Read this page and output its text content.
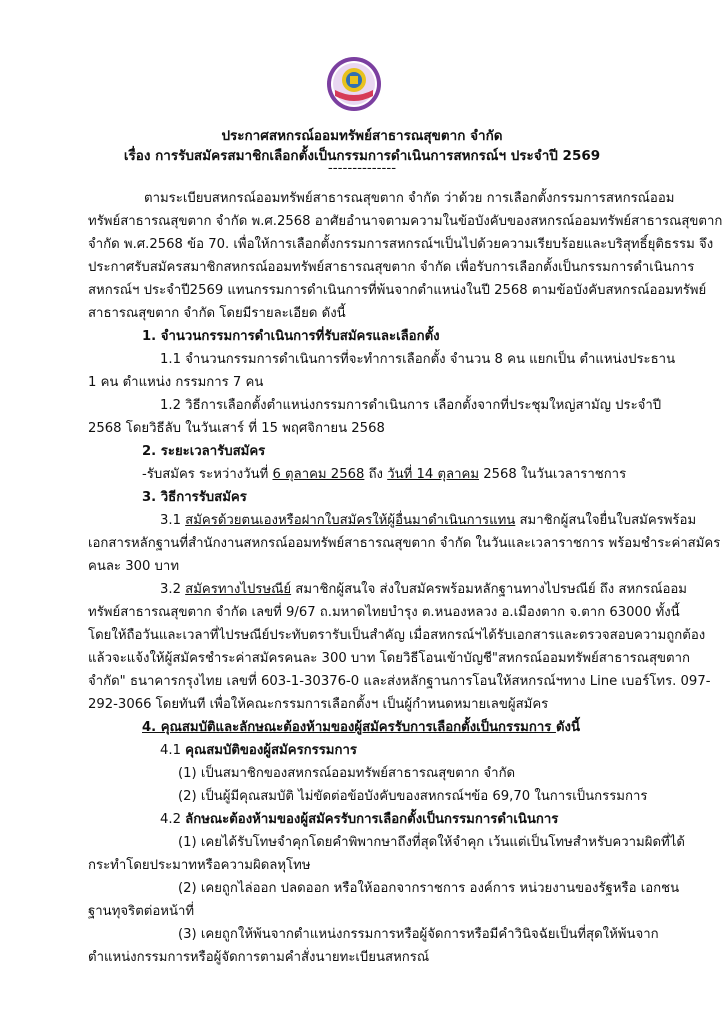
ประกาศสหกรณ์ออมทรัพย์สาธารณสุขตาก จำกัด
เรื่อง การรับสมัครสมาชิกเลือกตั้งเป็นกรรมการดำเนินการสหกรณ์ฯ ประจำปี 2569
--------------
ตามระเบียบสหกรณ์ออมทรัพย์สาธารณสุขตาก จำกัด ว่าด้วย การเลือกตั้งกรรมการสหกรณ์ออม
ทรัพย์สาธารณสุขตาก จำกัด พ.ศ.2568 อาศัยอำนาจตามความในข้อบังคับของสหกรณ์ออมทรัพย์สาธารณสุขตาก
จำกัด พ.ศ.2568 ข้อ 70. เพื่อให้การเลือกตั้งกรรมการสหกรณ์ฯเป็นไปด้วยความเรียบร้อยและบริสุทธิ์ยุติธรรม จึง
ประกาศรับสมัครสมาชิกสหกรณ์ออมทรัพย์สาธารณสุขตาก จำกัด เพื่อรับการเลือกตั้งเป็นกรรมการดำเนินการ
สหกรณ์ฯ ประจำปี2569 แทนกรรมการดำเนินการที่พ้นจากตำแหน่งในปี 2568 ตามข้อบังคับสหกรณ์ออมทรัพย์
สาธารณสุขตาก จำกัด โดยมีรายละเอียด ดังนี้
1. จำนวนกรรมการดำเนินการที่รับสมัครและเลือกตั้ง
1.1 จำนวนกรรมการดำเนินการที่จะทำการเลือกตั้ง จำนวน 8 คน แยกเป็น ตำแหน่งประธาน
1 คน ตำแหน่ง กรรมการ 7 คน
1.2 วิธีการเลือกตั้งตำแหน่งกรรมการดำเนินการ เลือกตั้งจากที่ประชุมใหญ่สามัญ ประจำปี
2568 โดยวิธีลับ ในวันเสาร์ ที่ 15 พฤศจิกายน 2568
2. ระยะเวลารับสมัคร
-รับสมัคร ระหว่างวันที่ 6 ตุลาคม 2568 ถึง วันที่ 14 ตุลาคม 2568 ในวันเวลาราชการ
3. วิธีการรับสมัคร
3.1 สมัครด้วยตนเองหรือฝากใบสมัครให้ผู้อื่นมาดำเนินการแทน สมาชิกผู้สนใจยื่นใบสมัครพร้อม
เอกสารหลักฐานที่สำนักงานสหกรณ์ออมทรัพย์สาธารณสุขตาก จำกัด ในวันและเวลาราชการ พร้อมชำระค่าสมัคร
คนละ 300 บาท
3.2 สมัครทางไปรษณีย์ สมาชิกผู้สนใจ ส่งใบสมัครพร้อมหลักฐานทางไปรษณีย์ ถึง สหกรณ์ออม
ทรัพย์สาธารณสุขตาก จำกัด เลขที่ 9/67 ถ.มหาดไทยบำรุง ต.หนองหลวง อ.เมืองตาก จ.ตาก 63000 ทั้งนี้
โดยให้ถือวันและเวลาที่ไปรษณีย์ประทับตรารับเป็นสำคัญ เมื่อสหกรณ์ฯได้รับเอกสารและตรวจสอบความถูกต้อง
แล้วจะแจ้งให้ผู้สมัครชำระค่าสมัครคนละ 300 บาท โดยวิธีโอนเข้าบัญชี"สหกรณ์ออมทรัพย์สาธารณสุขตาก
จำกัด" ธนาคารกรุงไทย เลขที่ 603-1-30376-0 และส่งหลักฐานการโอนให้สหกรณ์ฯทาง Line เบอร์โทร. 097-
292-3066 โดยทันที เพื่อให้คณะกรรมการเลือกตั้งฯ เป็นผู้กำหนดหมายเลขผู้สมัคร
4. คุณสมบัติและลักษณะต้องห้ามของผู้สมัครรับการเลือกตั้งเป็นกรรมการ ดังนี้
4.1 คุณสมบัติของผู้สมัครกรรมการ
(1) เป็นสมาชิกของสหกรณ์ออมทรัพย์สาธารณสุขตาก จำกัด
(2) เป็นผู้มีคุณสมบัติ ไม่ขัดต่อข้อบังคับของสหกรณ์ฯข้อ 69,70 ในการเป็นกรรมการ
4.2 ลักษณะต้องห้ามของผู้สมัครรับการเลือกตั้งเป็นกรรมการดำเนินการ
(1) เคยได้รับโทษจำคุกโดยคำพิพากษาถึงที่สุดให้จำคุก เว้นแต่เป็นโทษสำหรับความผิดที่ได้
กระทำโดยประมาทหรือความผิดลหุโทษ
(2) เคยถูกไล่ออก ปลดออก หรือให้ออกจากราชการ องค์การ หน่วยงานของรัฐหรือ เอกชน
ฐานทุจริตต่อหน้าที่
(3) เคยถูกให้พ้นจากตำแหน่งกรรมการหรือผู้จัดการหรือมีคำวินิจฉัยเป็นที่สุดให้พ้นจาก
ตำแหน่งกรรมการหรือผู้จัดการตามคำสั่งนายทะเบียนสหกรณ์
